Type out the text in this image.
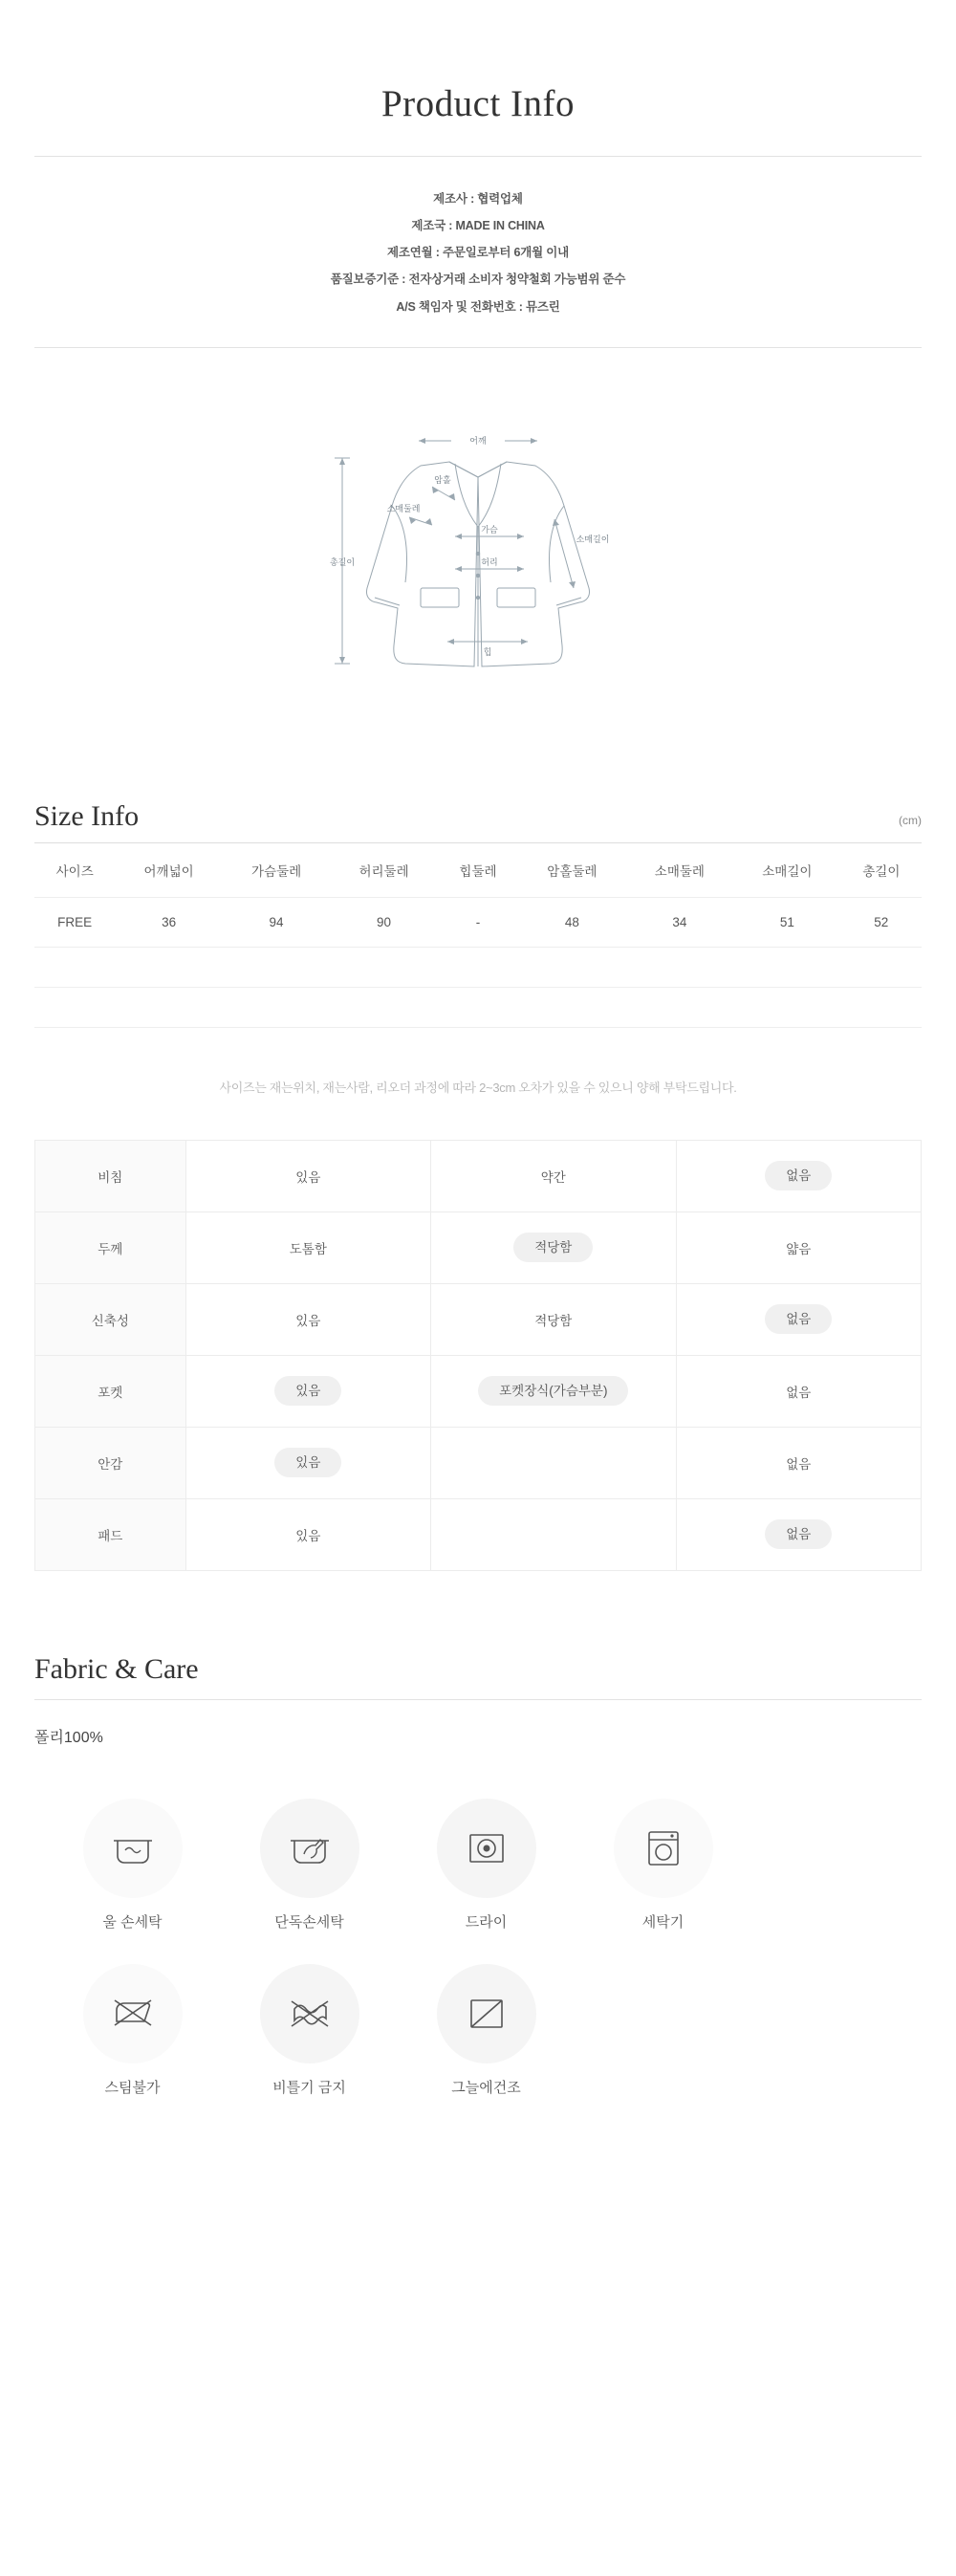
Product Info
제조사 : 협력업체
제조국 : MADE IN CHINA
제조연월 : 주문일로부터 6개월 이내
품질보증기준 : 전자상거래 소비자 청약철회 가능범위 준수
A/S 책임자 및 전화번호 : 뮤즈린
어깨
암홀
소매둘레
가슴
허리
소매길이
힙
총길이
Size Info	(cm)
사이즈	어깨넓이	가슴둘레	허리둘레	힙둘레	암홀둘레	소매둘레	소매길이	총길이
FREE	36	94	90	-	48	34	51	52

사이즈는 재는위치, 재는사람, 리오더 과정에 따라 2~3cm 오차가 있을 수 있으니 양해 부탁드립니다.
비침	있음	약간	없음
두께	도톰함	적당함	얇음
신축성	있음	적당함	없음
포켓	있음	포켓장식(가슴부분)	없음
안감	있음		없음
패드	있음		없음
Fabric & Care
폴리100%
울 손세탁	단독손세탁	드라이	세탁기
스팀불가	비틀기 금지	그늘에건조
